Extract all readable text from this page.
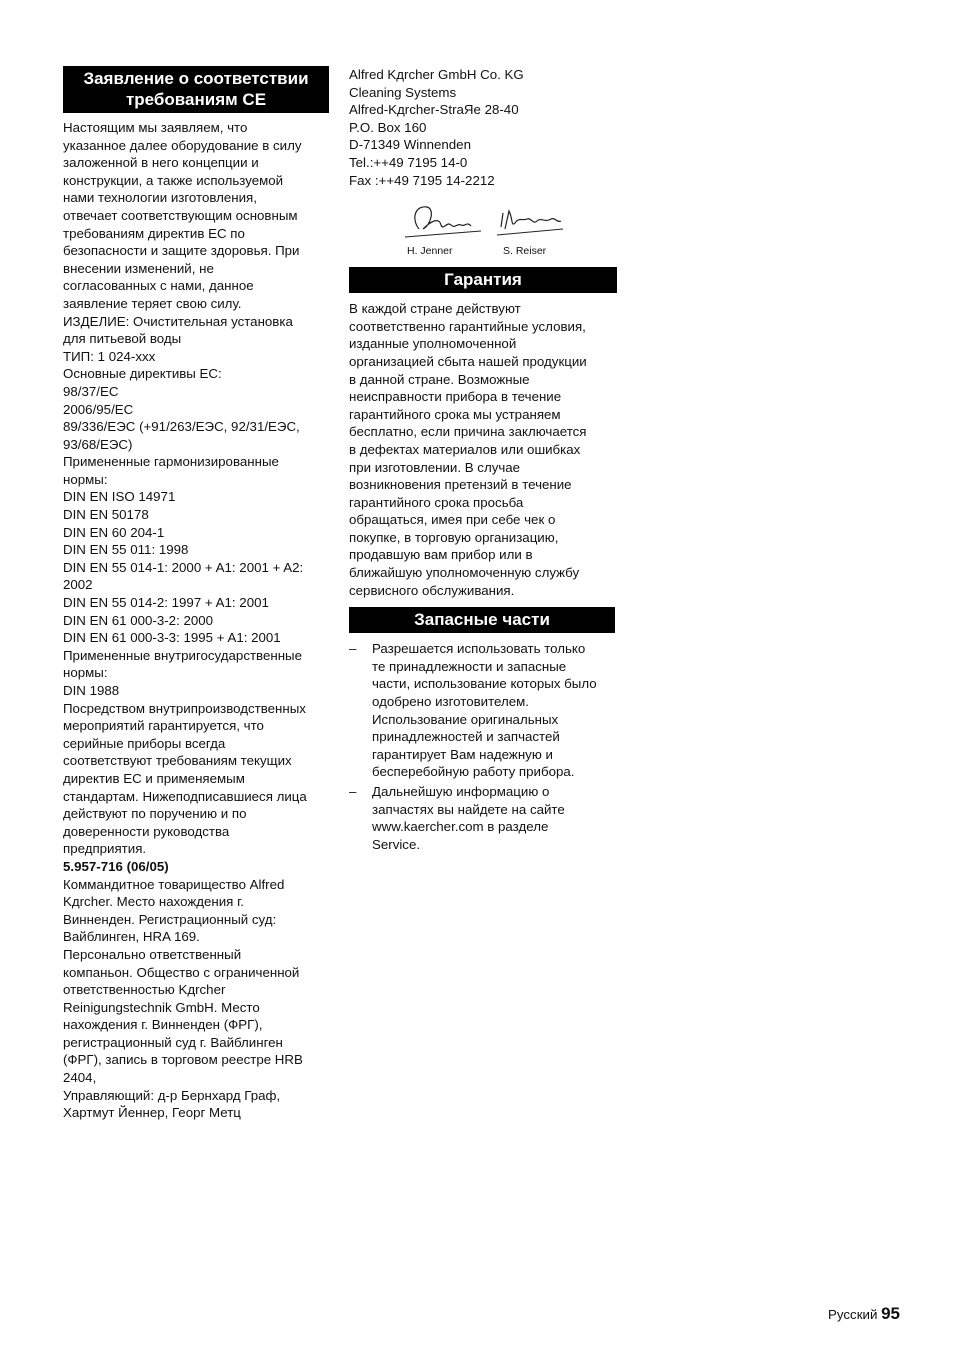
Заявление о соответствии требованиям CE
Настоящим мы заявляем, что
указанное далее оборудование в силу
заложенной в него концепции и
конструкции, а также используемой
нами технологии изготовления,
отвечает соответствующим основным
требованиям директив ЕС по
безопасности и защите здоровья. При
внесении изменений, не
согласованных с нами, данное
заявление теряет свою силу.
ИЗДЕЛИЕ: Очистительная установка
для питьевой воды
ТИП: 1 024-xxx
Основные директивы ЕС:
98/37/EC
2006/95/EC
89/336/ЕЭС (+91/263/ЕЭС, 92/31/ЕЭС,
93/68/ЕЭС)
Примененные гармонизированные
нормы:
DIN EN ISO 14971
DIN EN 50178
DIN EN 60 204-1
DIN EN 55 011: 1998
DIN EN 55 014-1: 2000 + A1: 2001 + A2:
2002
DIN EN 55 014-2: 1997 + A1: 2001
DIN EN 61 000-3-2: 2000
DIN EN 61 000-3-3: 1995 + A1: 2001
Примененные внутригосударственные
нормы:
DIN 1988
Посредством внутрипроизводственных
мероприятий гарантируется, что
серийные приборы всегда
соответствуют требованиям текущих
директив ЕС и применяемым
стандартам. Нижеподписавшиеся лица
действуют по поручению и по
доверенности руководства
предприятия.
5.957-716 (06/05)
Коммандитное товарищество Alfred
Kдrcher. Место нахождения г.
Винненден. Регистрационный суд:
Вайблинген, HRA 169.
Персонально ответственный
компаньон. Общество с ограниченной
ответственностью Kдrcher
Reinigungstechnik GmbH. Место
нахождения г. Винненден (ФРГ),
регистрационный суд г. Вайблинген
(ФРГ), запись в торговом реестре HRB
2404,
Управляющий: д-р Бернхард Граф,
Хартмут Йеннер, Георг Метц
Alfred Kдrcher GmbH Co. KG
Cleaning Systems
Alfred-Kдrcher-StraЯe 28-40
P.O. Box 160
D-71349 Winnenden
Tel.:++49 7195 14-0
Fax :++49 7195 14-2212
H. Jenner	S. Reiser
Гарантия
В каждой стране действуют
соответственно гарантийные условия,
изданные уполномоченной
организацией сбыта нашей продукции
в данной стране. Возможные
неисправности прибора в течение
гарантийного срока мы устраняем
бесплатно, если причина заключается
в дефектах материалов или ошибках
при изготовлении. В случае
возникновения претензий в течение
гарантийного срока просьба
обращаться, имея при себе чек о
покупке, в торговую организацию,
продавшую вам прибор или в
ближайшую уполномоченную службу
сервисного обслуживания.
Запасные части
– Разрешается использовать только
те принадлежности и запасные
части, использование которых было
одобрено изготовителем.
Использование оригинальных
принадлежностей и запчастей
гарантирует Вам надежную и
бесперебойную работу прибора.
– Дальнейшую информацию о
запчастях вы найдете на сайте
www.kaercher.com в разделе
Service.
Русский 95
